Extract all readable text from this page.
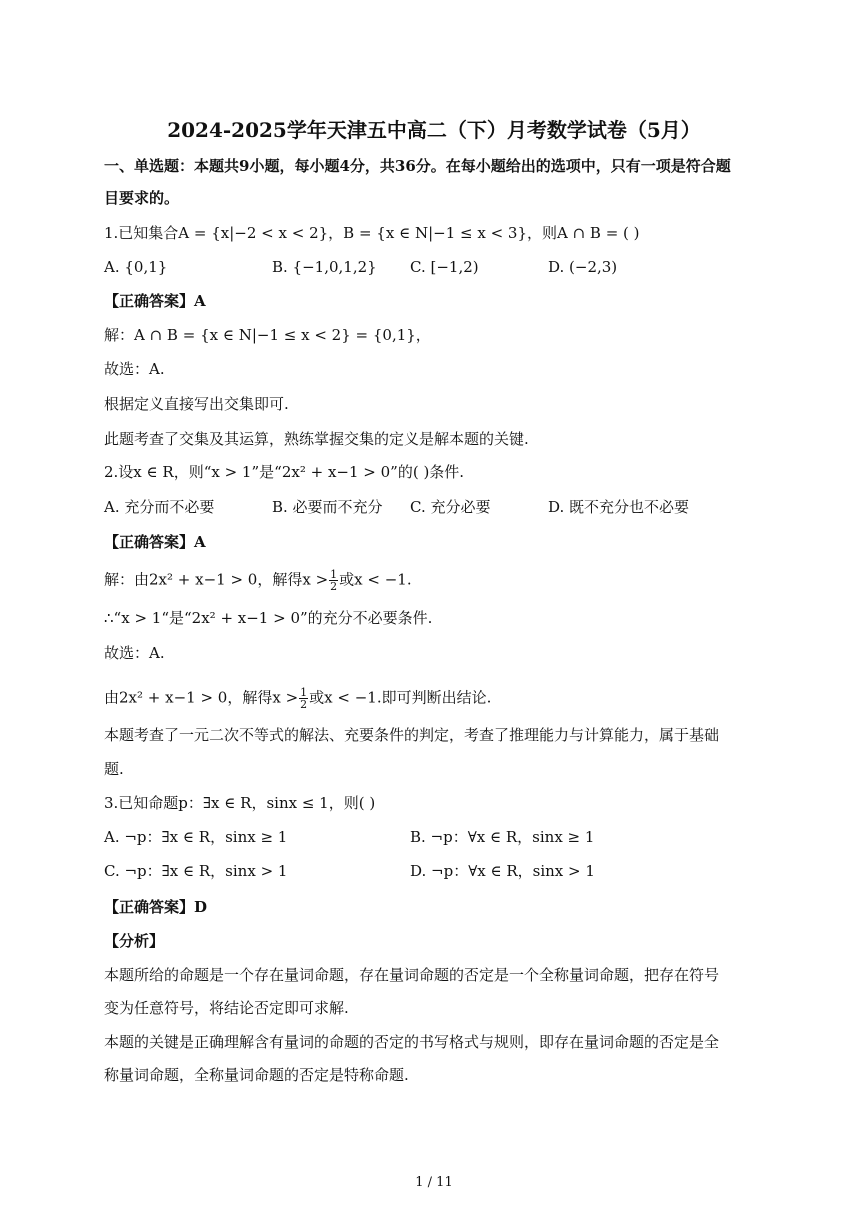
2024-2025学年天津五中高二（下）月考数学试卷（5月）
一、单选题：本题共9小题，每小题4分，共36分。在每小题给出的选项中，只有一项是符合题
目要求的。
1.已知集合A = {x|−2 < x < 2}，B = {x ∈ N|−1 ≤ x < 3}，则A ∩ B = ( )
A. {0,1}	B. {−1,0,1,2} C. [−1,2)	D. (−2,3)
【正确答案】A
解：A ∩ B = {x ∈ N|−1 ≤ x < 2} = {0,1}，
故选：A.
根据定义直接写出交集即可.
此题考查了交集及其运算，熟练掌握交集的定义是解本题的关键.
2.设x ∈ R，则“x > 1”是“2x² + x−1 > 0”的( )条件.
A. 充分而不必要	B. 必要而不充分 C. 充分必要	D. 既不充分也不必要
【正确答案】A
解：由2x² + x−1 > 0，解得$x > \frac{1}{2}$ 或x < −1.
∴“x > 1“是“2x² + x−1 > 0”的充分不必要条件.
故选：A.
由2x² + x−1 > 0，解得$x > \frac{1}{2}$ 或x < −1.即可判断出结论.
本题考查了一元二次不等式的解法、充要条件的判定，考查了推理能力与计算能力，属于基础
题.
3.已知命题p：∃x ∈ R，sinx ≤ 1，则( )
A. ¬p：∃x ∈ R，sinx ≥ 1	B. ¬p：∀x ∈ R，sinx ≥ 1
C. ¬p：∃x ∈ R，sinx > 1	D. ¬p：∀x ∈ R，sinx > 1
【正确答案】D
【分析】
本题所给的命题是一个存在量词命题，存在量词命题的否定是一个全称量词命题，把存在符号
变为任意符号，将结论否定即可求解.
本题的关键是正确理解含有量词的命题的否定的书写格式与规则，即存在量词命题的否定是全
称量词命题，全称量词命题的否定是特称命题.
1 / 11
